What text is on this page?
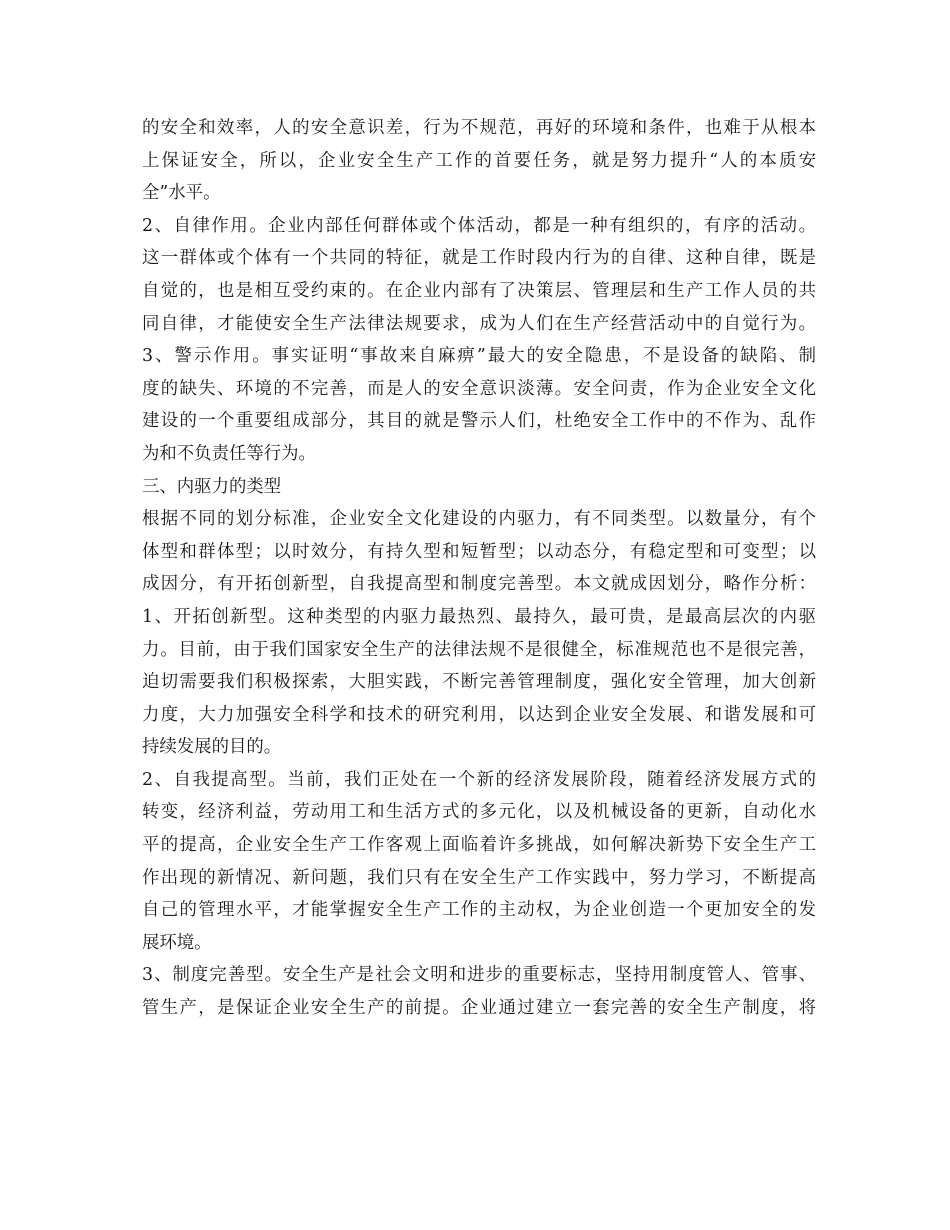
的安全和效率，人的安全意识差，行为不规范，再好的环境和条件，也难于从根本
上保证安全，所以，企业安全生产工作的首要任务，就是努力提升“人的本质安
全”水平。
2、自律作用。企业内部任何群体或个体活动，都是一种有组织的，有序的活动。
这一群体或个体有一个共同的特征，就是工作时段内行为的自律、这种自律，既是
自觉的，也是相互受约束的。在企业内部有了决策层、管理层和生产工作人员的共
同自律，才能使安全生产法律法规要求，成为人们在生产经营活动中的自觉行为。
3、警示作用。事实证明“事故来自麻痹”最大的安全隐患，不是设备的缺陷、制
度的缺失、环境的不完善，而是人的安全意识淡薄。安全问责，作为企业安全文化
建设的一个重要组成部分，其目的就是警示人们，杜绝安全工作中的不作为、乱作
为和不负责任等行为。
三、内驱力的类型
根据不同的划分标准，企业安全文化建设的内驱力，有不同类型。以数量分，有个
体型和群体型；以时效分，有持久型和短暂型；以动态分，有稳定型和可变型；以
成因分，有开拓创新型，自我提高型和制度完善型。本文就成因划分，略作分析：
1、开拓创新型。这种类型的内驱力最热烈、最持久，最可贵，是最高层次的内驱
力。目前，由于我们国家安全生产的法律法规不是很健全，标准规范也不是很完善，
迫切需要我们积极探索，大胆实践，不断完善管理制度，强化安全管理，加大创新
力度，大力加强安全科学和技术的研究利用，以达到企业安全发展、和谐发展和可
持续发展的目的。
2、自我提高型。当前，我们正处在一个新的经济发展阶段，随着经济发展方式的
转变，经济利益，劳动用工和生活方式的多元化，以及机械设备的更新，自动化水
平的提高，企业安全生产工作客观上面临着许多挑战，如何解决新势下安全生产工
作出现的新情况、新问题，我们只有在安全生产工作实践中，努力学习，不断提高
自己的管理水平，才能掌握安全生产工作的主动权，为企业创造一个更加安全的发
展环境。
3、制度完善型。安全生产是社会文明和进步的重要标志，坚持用制度管人、管事、
管生产，是保证企业安全生产的前提。企业通过建立一套完善的安全生产制度，将
